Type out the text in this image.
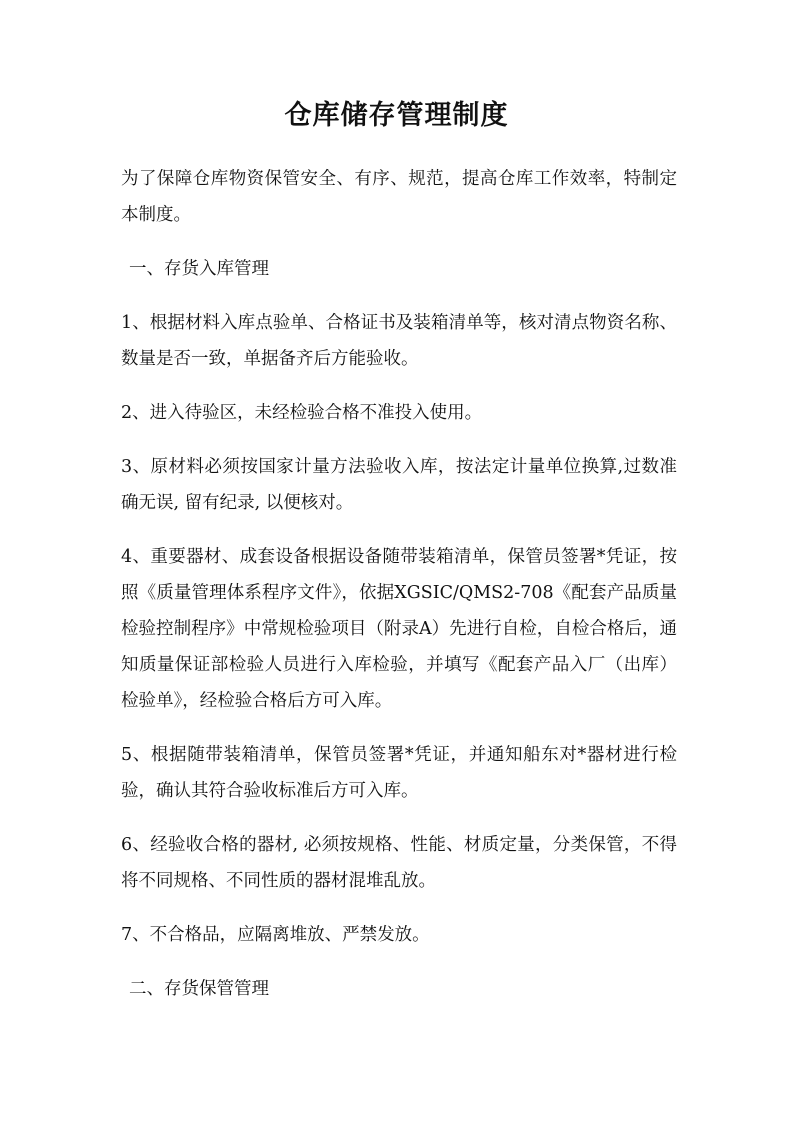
仓库储存管理制度

为了保障仓库物资保管安全、有序、规范，提高仓库工作效率，特制定本制度。

一、存货入库管理

1、根据材料入库点验单、合格证书及装箱清单等，核对清点物资名称、数量是否一致，单据备齐后方能验收。

2、进入待验区，未经检验合格不准投入使用。

3、原材料必须按国家计量方法验收入库，按法定计量单位换算,过数准确无误, 留有纪录, 以便核对。

4、重要器材、成套设备根据设备随带装箱清单，保管员签署*凭证，按照《质量管理体系程序文件》，依据XGSIC/QMS2-708《配套产品质量检验控制程序》中常规检验项目（附录A）先进行自检，自检合格后，通知质量保证部检验人员进行入库检验，并填写《配套产品入厂（出库）检验单》，经检验合格后方可入库。

5、根据随带装箱清单，保管员签署*凭证，并通知船东对*器材进行检验，确认其符合验收标准后方可入库。

6、经验收合格的器材, 必须按规格、性能、材质定量，分类保管，不得将不同规格、不同性质的器材混堆乱放。

7、不合格品，应隔离堆放、严禁发放。

二、存货保管管理
